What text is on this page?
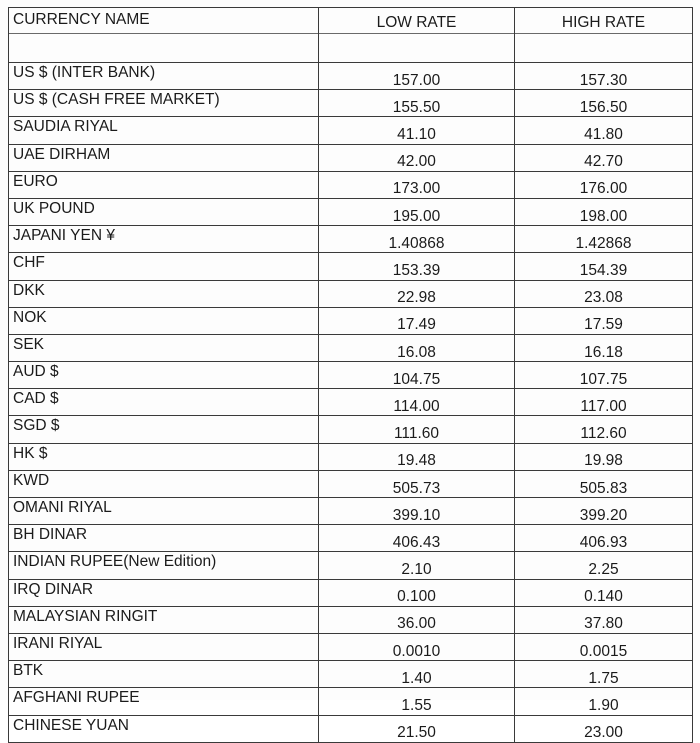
CURRENCY NAME	LOW RATE	HIGH RATE

US $ (INTER BANK)	157.00	157.30
US $ (CASH FREE MARKET)	155.50	156.50
SAUDIA RIYAL	41.10	41.80
UAE DIRHAM	42.00	42.70
EURO	173.00	176.00
UK POUND	195.00	198.00
JAPANI YEN ¥	1.40868	1.42868
CHF	153.39	154.39
DKK	22.98	23.08
NOK	17.49	17.59
SEK	16.08	16.18
AUD $	104.75	107.75
CAD $	114.00	117.00
SGD $	111.60	112.60
HK $	19.48	19.98
KWD	505.73	505.83
OMANI RIYAL	399.10	399.20
BH DINAR	406.43	406.93
INDIAN RUPEE(New Edition)	2.10	2.25
IRQ DINAR	0.100	0.140
MALAYSIAN RINGIT	36.00	37.80
IRANI RIYAL	0.0010	0.0015
BTK	1.40	1.75
AFGHANI RUPEE	1.55	1.90
CHINESE YUAN	21.50	23.00
